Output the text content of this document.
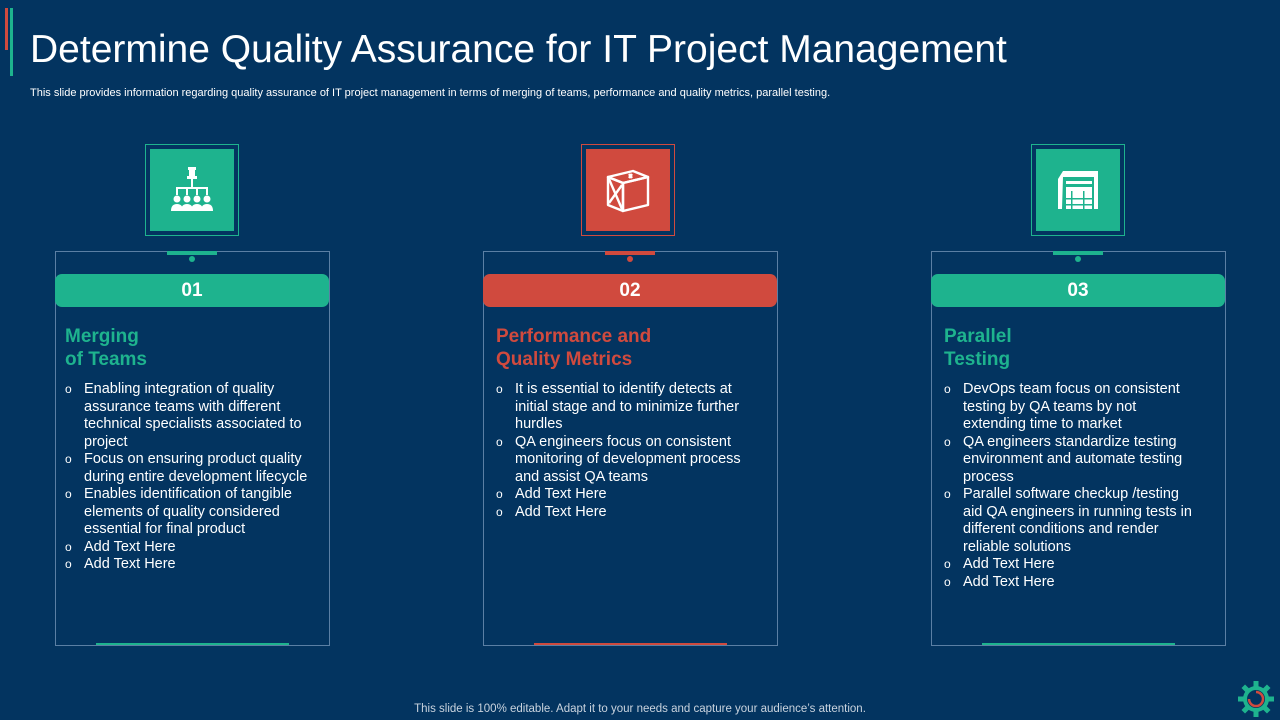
Determine Quality Assurance for IT Project Management

This slide provides information regarding quality assurance of IT project management in terms of merging of teams, performance and quality metrics, parallel testing.

01
Merging
of Teams
o Enabling integration of quality assurance teams with different technical specialists associated to project
o Focus on ensuring product quality during entire development lifecycle
o Enables identification of tangible elements of quality considered essential for final product
o Add Text Here
o Add Text Here
02
Performance and
Quality Metrics
o It is essential to identify detects at initial stage and to minimize further hurdles
o QA engineers focus on consistent monitoring of development process and assist QA teams
o Add Text Here
o Add Text Here
03
Parallel
Testing
o DevOps team focus on consistent testing by QA teams by not extending time to market
o QA engineers standardize testing environment and automate testing process
o Parallel software checkup /testing aid QA engineers in running tests in different conditions and render reliable solutions
o Add Text Here
o Add Text Here
This slide is 100% editable. Adapt it to your needs and capture your audience’s attention.
